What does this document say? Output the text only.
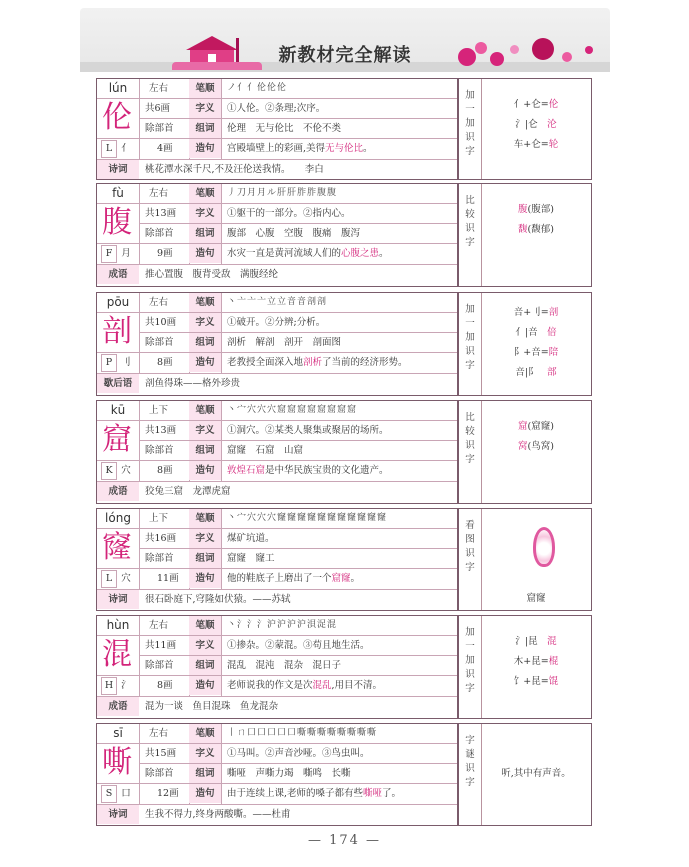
新教材完全解读
lún	左右	笔顺	ノ亻亻伦伦伦
伦	共6画	字义	①人伦。②条理;次序。
除部首	组词	伦理　无与伦比　不伦不类
L 亻	4画	造句	宫殿墙壁上的彩画,美得无与伦比。
诗词	桃花潭水深千尺,不及汪伦送我情。　　李白
加一加识字
亻+仑=伦
氵|仑　沦
车+仑=轮
fù	左右	笔顺	丿刀月月ル肝肝胙胙腹腹
腹	共13画	字义	①躯干的一部分。②指内心。
除部首	组词	腹部　心腹　空腹　腹痛　腹泻
F 月	9画	造句	水灾一直是黄河流域人们的心腹之患。
成语	推心置腹　腹背受敌　满腹经纶
比较识字
腹(腹部)
馥(馥郁)
pōu	左右	笔顺	丶亠亠亠立立音音剖剖
剖	共10画	字义	①破开。②分辨;分析。
除部首	组词	剖析　解剖　剖开　剖面图
P 刂	8画	造句	老教授全面深入地剖析了当前的经济形势。
歇后语	剖鱼得珠——格外珍贵
加一加识字
咅+刂=剖
亻|咅　倍
阝+咅=陪
咅|阝　部
kū	上下	笔顺	丶宀穴穴穴窟窟窟窟窟窟窟窟
窟	共13画	字义	①洞穴。②某类人聚集或聚居的场所。
除部首	组词	窟窿　石窟　山窟
K 穴	8画	造句	敦煌石窟是中华民族宝贵的文化遗产。
成语	狡兔三窟　龙潭虎窟
比较识字
窟(窟窿)
窝(鸟窝)
lóng	上下	笔顺	丶宀穴穴穴窿窿窿窿窿窿窿窿窿窿窿
窿	共16画	字义	煤矿坑道。
除部首	组词	窟窿　窿工
L 穴	11画	造句	他的鞋底子上磨出了一个窟窿。
诗词	很石卧庭下,穹隆如伏猿。——苏轼
看图识字
窟窿
hùn	左右	笔顺	丶氵氵氵沪沪沪沪浿浞混
混	共11画	字义	①掺杂。②蒙混。③苟且地生活。
除部首	组词	混乱　混沌　混杂　混日子
H 氵	8画	造句	老师说我的作文是次混乱,用目不清。
成语	混为一谈　鱼目混珠　鱼龙混杂
加一加识字
氵|昆　混
木+昆=棍
饣+昆=馄
sī	左右	笔顺	丨ㄇ口口口口口嘶嘶嘶嘶嘶嘶嘶嘶
嘶	共15画	字义	①马叫。②声音沙哑。③鸟虫叫。
除部首	组词	嘶哑　声嘶力竭　嘶鸣　长嘶
S 口	12画	造句	由于连续上课,老师的嗓子都有些嘶哑了。
诗词	生我不得力,终身两酸嘶。——杜甫
字谜识字
听,其中有声音。
— 174 —
